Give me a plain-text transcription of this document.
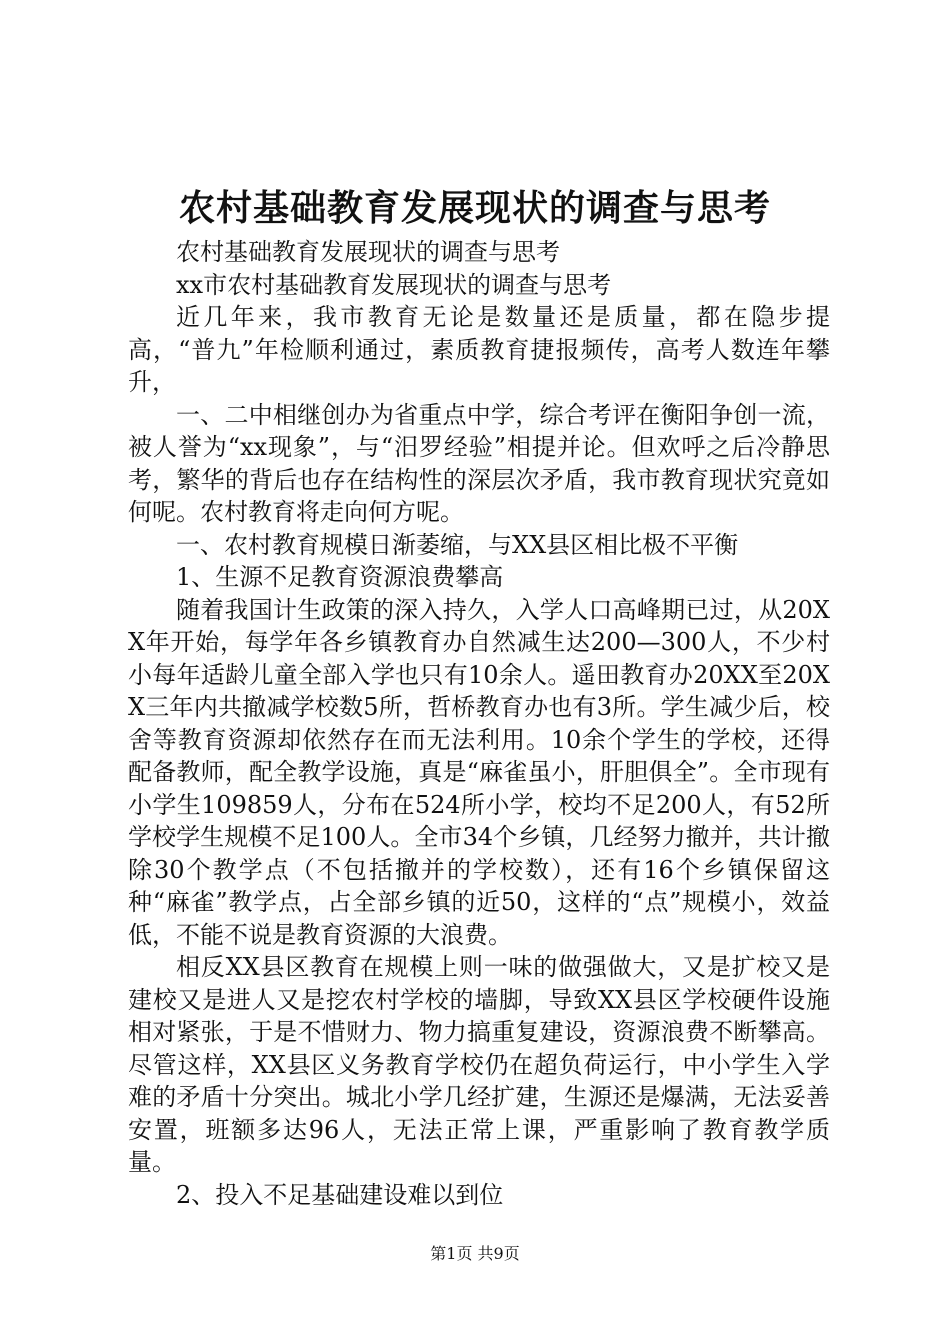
农村基础教育发展现状的调查与思考

农村基础教育发展现状的调查与思考

xx市农村基础教育发展现状的调查与思考

近几年来，我市教育无论是数量还是质量，都在隐步提高，“普九”年检顺利通过，素质教育捷报频传，高考人数连年攀升，

一、二中相继创办为省重点中学，综合考评在衡阳争创一流，被人誉为“xx现象”，与“汨罗经验”相提并论。但欢呼之后冷静思考，繁华的背后也存在结构性的深层次矛盾，我市教育现状究竟如何呢。农村教育将走向何方呢。

一、农村教育规模日渐萎缩，与XX县区相比极不平衡

1、生源不足教育资源浪费攀高

随着我国计生政策的深入持久，入学人口高峰期已过，从20XX年开始，每学年各乡镇教育办自然减生达200—300人，不少村小每年适龄儿童全部入学也只有10余人。遥田教育办20XX至20XX三年内共撤减学校数5所，哲桥教育办也有3所。学生减少后，校舍等教育资源却依然存在而无法利用。10余个学生的学校，还得配备教师，配全教学设施，真是“麻雀虽小，肝胆俱全”。全市现有小学生109859人，分布在524所小学，校均不足200人，有52所学校学生规模不足100人。全市34个乡镇，几经努力撤并，共计撤除30个教学点（不包括撤并的学校数），还有16个乡镇保留这种“麻雀”教学点，占全部乡镇的近50，这样的“点”规模小，效益低，不能不说是教育资源的大浪费。

相反XX县区教育在规模上则一味的做强做大，又是扩校又是建校又是进人又是挖农村学校的墙脚，导致XX县区学校硬件设施相对紧张，于是不惜财力、物力搞重复建设，资源浪费不断攀高。尽管这样，XX县区义务教育学校仍在超负荷运行，中小学生入学难的矛盾十分突出。城北小学几经扩建，生源还是爆满，无法妥善安置，班额多达96人，无法正常上课，严重影响了教育教学质量。

2、投入不足基础建设难以到位

第1页 共9页
